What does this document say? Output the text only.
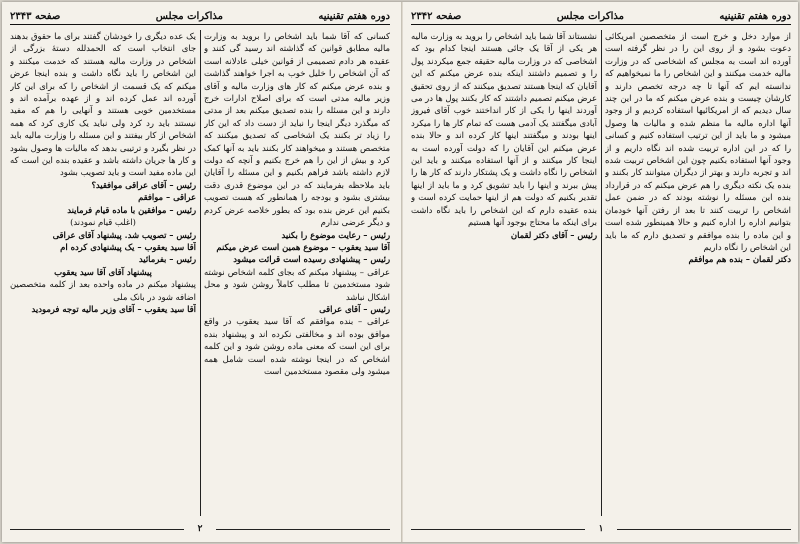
دوره هفتم تقنینیه
مذاکرات مجلس
صفحه ۲۳۴۳

کسانی که آقا شما باید اشخاص را بروید به وزارت مالیه مطابق قوانین که گذاشته اند رسید گی کنند و عقیده هر دادم تصمیمی از قوانین خیلی عادلانه است که آن اشخاص را خلیل خوب به اجرا خواهند گذاشت و بنده عرض میکنم که کار های وزارت مالیه و آقای وزیر مالیه مدتی است که برای اصلاح ادارات خرج دارند و این مسئله را بنده تصدیق میکنم بعد از مدتی که میگذرد دیگر اینجا را نباید از دست داد که این کار را زیاد تر بکنند یک اشخاصی که تصدیق میکنند که متخصص هستند و میخواهند کار بکنند باید به آنها کمک کرد و بیش از این را هم خرج بکنیم و آنچه که دولت لازم داشته باشد فراهم بکنیم و این مسئله را آقایان باید ملاحظه بفرمایند که در این موضوع قدری دقت بیشتری بشود و بودجه را همانطور که هست تصویب بکنیم این عرض بنده بود که بطور خلاصه عرض کردم و دیگر عرضی ندارم

رئیس – رعایت موضوع را بکنید

آقا سید یعقوب – موضوع همین است عرض میکنم

رئیس – پیشنهادی رسیده است قرائت میشود

عراقی – پیشنهاد میکنم که بجای کلمه اشخاص نوشته شود مستخدمین تا مطلب کاملاً روشن شود و محل اشکال نباشد

رئیس – آقای عراقی

عراقی – بنده موافقم که آقا سید یعقوب در واقع موافق بوده اند و مخالفتی نکرده اند و پیشنهاد بنده برای این است که معنی ماده روشن شود و این کلمه اشخاص که در اینجا نوشته شده است شامل همه میشود ولی مقصود مستخدمین است

یک عده دیگری را خودشان گفتند برای ما حقوق بدهند جای انتخاب است که الحمدلله دستهٔ بزرگی از اشخاص در وزارت مالیه هستند که خدمت میکنند و این اشخاص را باید نگاه داشت و بنده اینجا عرض میکنم که یک قسمت از اشخاص را که برای این کار آورده اند عمل کرده اند و از عهده برآمده اند و مستخدمین خوبی هستند و آنهایی را هم که مفید نیستند باید رد کرد ولی نباید یک کاری کرد که همه اشخاص از کار بیفتند و این مسئله را وزارت مالیه باید در نظر بگیرد و ترتیبی بدهد که مالیات ها وصول بشود و کار ها جریان داشته باشد و عقیده بنده این است که این ماده مفید است و باید تصویب بشود

رئیس – آقای عراقی موافقید؟

عراقی – موافقم

رئیس – موافقین با ماده قیام فرمایند

(اغلب قیام نمودند)

رئیس – تصویب شد. پیشنهاد آقای عراقی

آقا سید یعقوب – یک پیشنهادی کرده ام

رئیس – بفرمائید

پیشنهاد آقای آقا سید یعقوب

پیشنهاد میکنم در ماده واحده بعد از کلمه متخصصین اضافه شود در بانک ملی

آقا سید یعقوب – آقای وزیر مالیه توجه فرمودید

۲
دوره هفتم تقنینیه
مذاکرات مجلس
صفحه ۲۳۴۲

از موارد دخل و خرج است از متخصصین امریکائی دعوت بشود و از روی این را در نظر گرفته است آورده اند است به مجلس که اشخاصی که در وزارت مالیه خدمت میکنند و این اشخاص را ما نمیخواهیم که ندانسته ایم که آنها تا چه درجه تخصص دارند و کارشان چیست و بنده عرض میکنم که ما در این چند سال دیدیم که از امریکائیها استفاده کردیم و از وجود آنها اداره مالیه ما منظم شده و مالیات ها وصول میشود و ما باید از این ترتیب استفاده کنیم و کسانی را که در این اداره تربیت شده اند نگاه داریم و از وجود آنها استفاده بکنیم چون این اشخاص تربیت شده اند و تجربه دارند و بهتر از دیگران میتوانند کار بکنند و بنده یک نکته دیگری را هم عرض میکنم که در قرارداد بنده این مسئله را نوشته بودند که در ضمن عمل اشخاص را تربیت کنند تا بعد از رفتن آنها خودمان بتوانیم اداره را اداره کنیم و حالا همینطور شده است و این ماده را بنده موافقم و تصدیق دارم که ما باید این اشخاص را نگاه داریم

دکتر لقمان – بنده هم موافقم

نشستاند آقا شما باید اشخاص را بروید به وزارت مالیه هر یکی از آقا یک جائی هستند اینجا کدام بود که اشخاصی که در وزارت مالیه حقیقه جمع میکردند پول را و تصمیم داشتند اینکه بنده عرض میکنم که این آقایان که اینجا هستند تصدیق میکنند که از روی تحقیق عرض میکنم تصمیم داشتند که کار بکنند پول ها در می آوردند اینها را یکی از کار انداختند خوب آقای فیروز آبادی میگفتند یک آدمی هست که تمام کار ها را میکرد اینها بودند و میگفتند اینها کار کرده اند و حالا بنده عرض میکنم این آقایان را که دولت آورده است به اینجا کار میکنند و از آنها استفاده میکنند و باید این اشخاص را نگاه داشت و یک پشتکار دارند که کار ها را پیش ببرند و اینها را باید تشویق کرد و ما باید از اینها تقدیر بکنیم که دولت هم از اینها حمایت کرده است و بنده عقیده دارم که این اشخاص را باید نگاه داشت برای اینکه ما محتاج بوجود آنها هستیم

رئیس – آقای دکتر لقمان

۱
